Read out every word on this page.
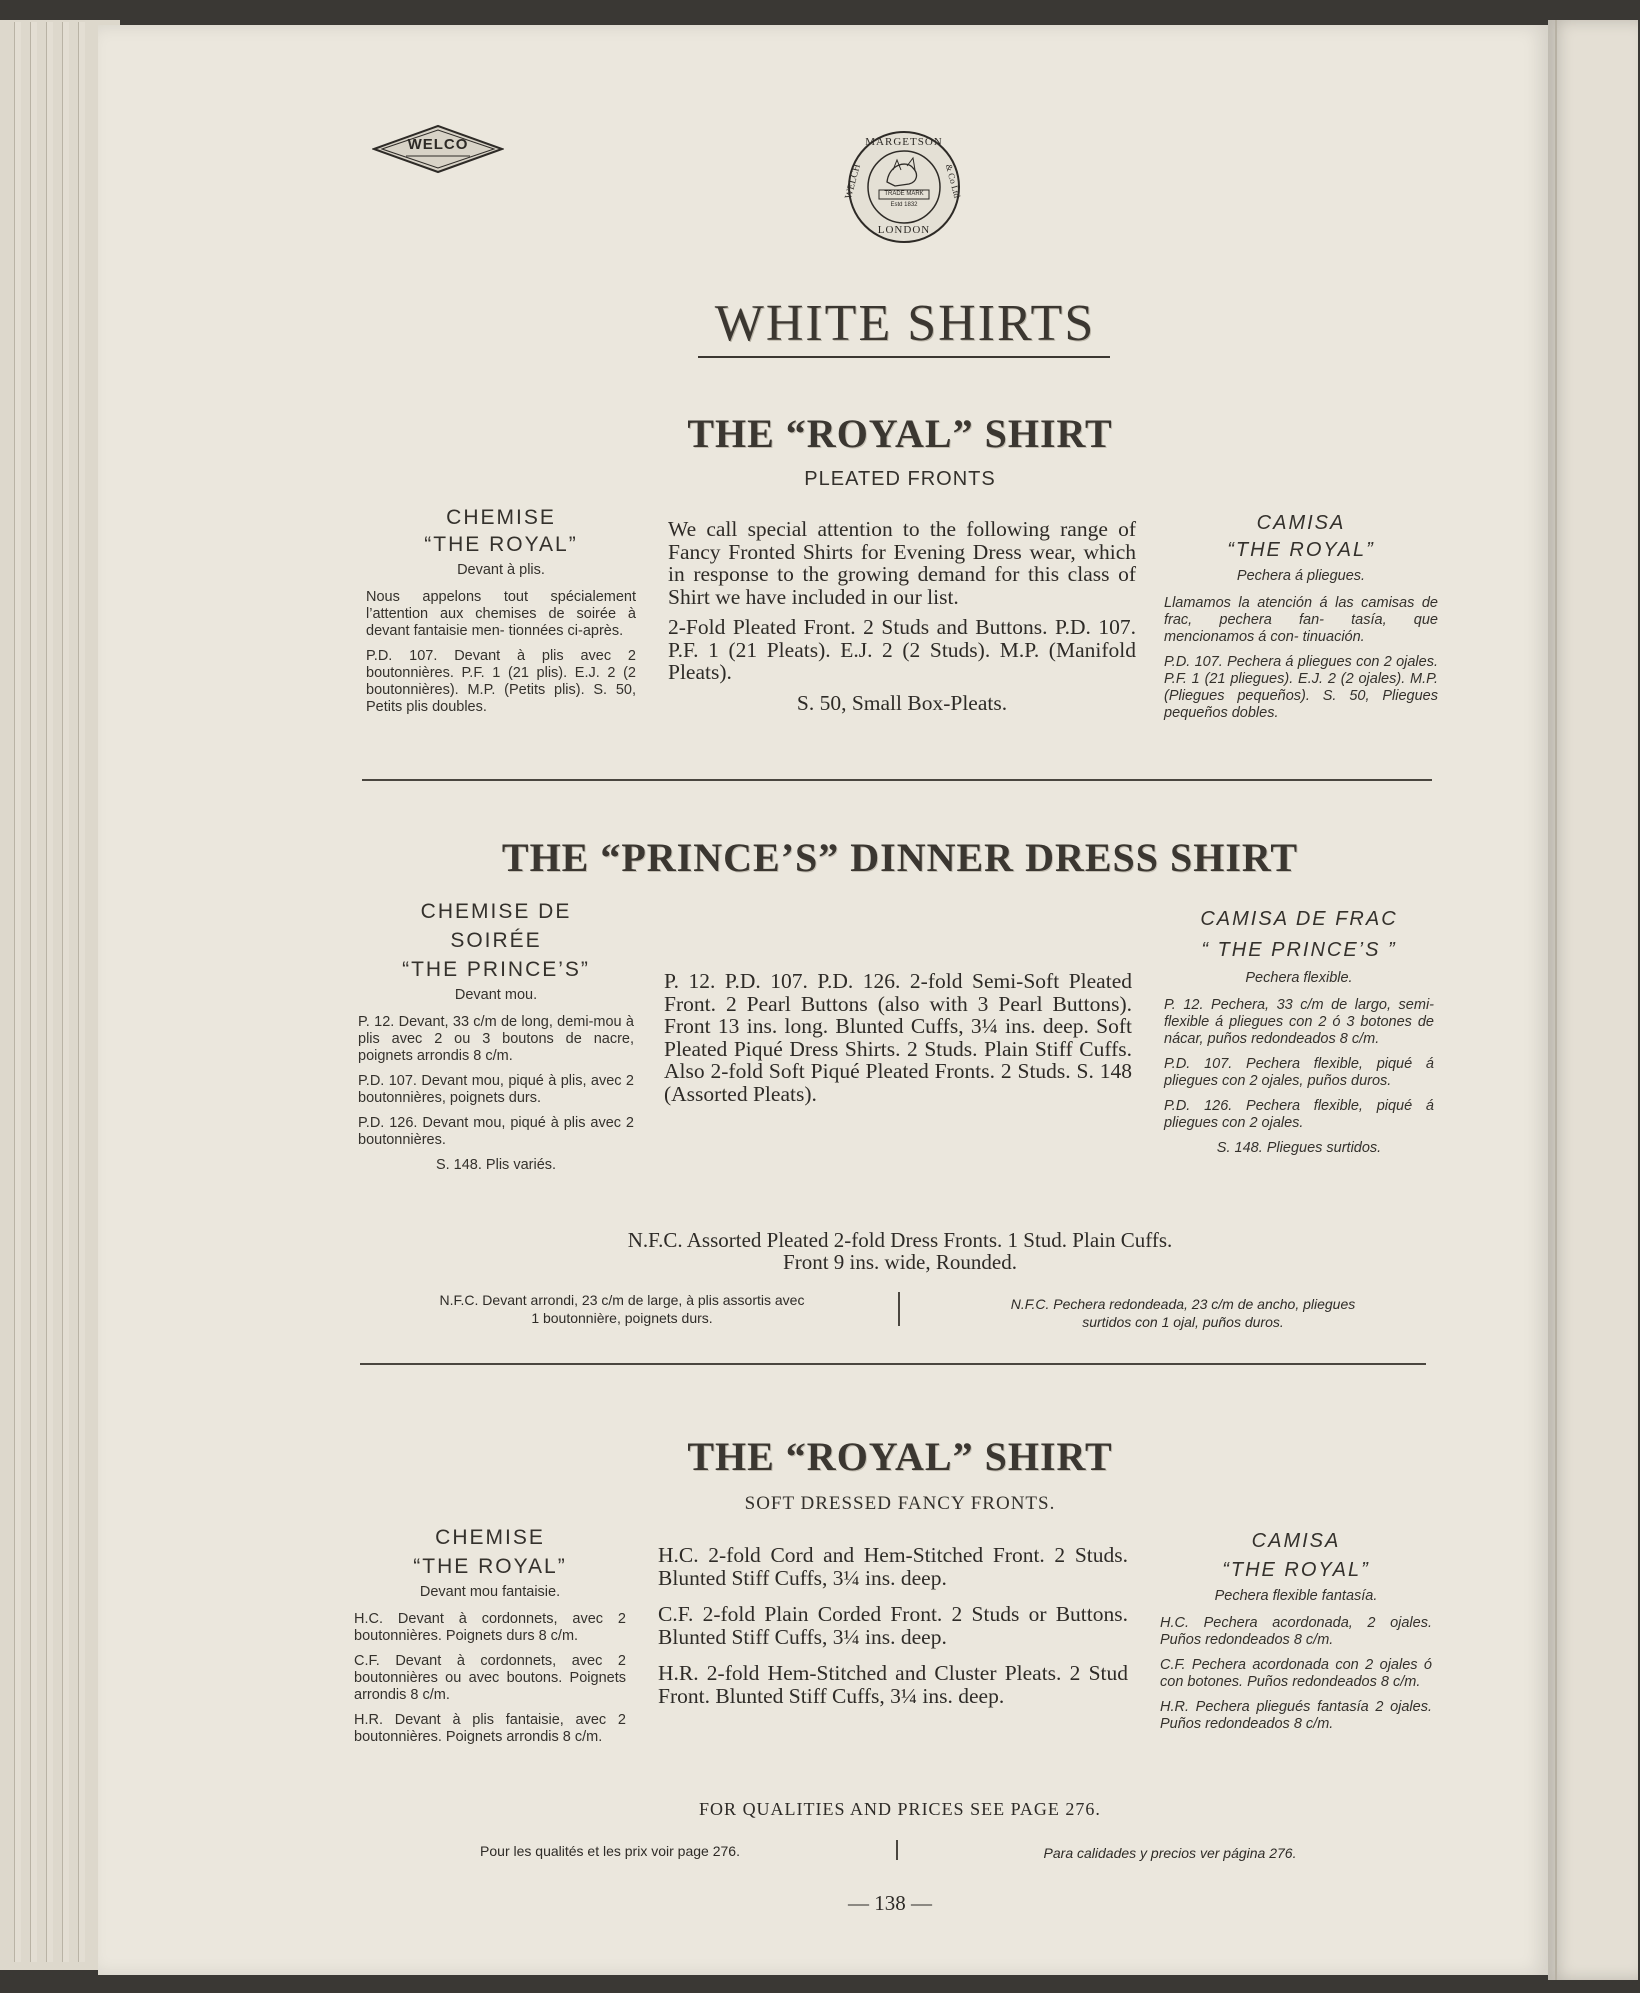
WELCO	MARGETSON
WELCH	& Co Ltd
LONDON
TRADE MARK
Estd 1832
WHITE SHIRTS
THE “ROYAL” SHIRT
PLEATED FRONTS
CHEMISE
“THE ROYAL”
Devant à plis.

Nous appelons tout spécialement l’attention aux chemises de soirée à devant fantaisie men- tionnées ci-après.

P.D. 107. Devant à plis avec 2 boutonnières. P.F. 1 (21 plis). E.J. 2 (2 boutonnières). M.P. (Petits plis). S. 50, Petits plis doubles.

We call special attention to the following range of Fancy Fronted Shirts for Evening Dress wear, which in response to the growing demand for this class of Shirt we have included in our list.

2-Fold Pleated Front. 2 Studs and Buttons. P.D. 107. P.F. 1 (21 Pleats). E.J. 2 (2 Studs). M.P. (Manifold Pleats).

S. 50, Small Box-Pleats.

CAMISA
“THE ROYAL”
Pechera á pliegues.

Llamamos la atención á las camisas de frac, pechera fan- tasía, que mencionamos á con- tinuación.

P.D. 107. Pechera á pliegues con 2 ojales. P.F. 1 (21 pliegues). E.J. 2 (2 ojales). M.P. (Pliegues pequeños). S. 50, Pliegues pequeños dobles.

THE “PRINCE’S” DINNER DRESS SHIRT
CHEMISE DE
SOIRÉE
“THE PRINCE’S”
Devant mou.

P. 12. Devant, 33 c/m de long, demi-mou à plis avec 2 ou 3 boutons de nacre, poignets arrondis 8 c/m.

P.D. 107. Devant mou, piqué à plis, avec 2 boutonnières, poignets durs.

P.D. 126. Devant mou, piqué à plis avec 2 boutonnières.

S. 148. Plis variés.

P. 12. P.D. 107. P.D. 126. 2-fold Semi-Soft Pleated Front. 2 Pearl Buttons (also with 3 Pearl Buttons). Front 13 ins. long. Blunted Cuffs, 3¼ ins. deep. Soft Pleated Piqué Dress Shirts. 2 Studs. Plain Stiff Cuffs. Also 2-fold Soft Piqué Pleated Fronts. 2 Studs. S. 148 (Assorted Pleats).

CAMISA DE FRAC
“ THE PRINCE’S ”
Pechera flexible.

P. 12. Pechera, 33 c/m de largo, semi-flexible á pliegues con 2 ó 3 botones de nácar, puños redondeados 8 c/m.

P.D. 107. Pechera flexible, piqué á pliegues con 2 ojales, puños duros.

P.D. 126. Pechera flexible, piqué á pliegues con 2 ojales.

S. 148. Pliegues surtidos.

N.F.C. Assorted Pleated 2-fold Dress Fronts. 1 Stud. Plain Cuffs.
Front 9 ins. wide, Rounded.
N.F.C. Devant arrondi, 23 c/m de large, à plis assortis avec
1 boutonnière, poignets durs.
N.F.C. Pechera redondeada, 23 c/m de ancho, pliegues
surtidos con 1 ojal, puños duros.
THE “ROYAL” SHIRT
SOFT DRESSED FANCY FRONTS.
CHEMISE
“THE ROYAL”
Devant mou fantaisie.

H.C. Devant à cordonnets, avec 2 boutonnières. Poignets durs 8 c/m.

C.F. Devant à cordonnets, avec 2 boutonnières ou avec boutons. Poignets arrondis 8 c/m.

H.R. Devant à plis fantaisie, avec 2 boutonnières. Poignets arrondis 8 c/m.

H.C. 2-fold Cord and Hem-Stitched Front. 2 Studs. Blunted Stiff Cuffs, 3¼ ins. deep.

C.F. 2-fold Plain Corded Front. 2 Studs or Buttons. Blunted Stiff Cuffs, 3¼ ins. deep.

H.R. 2-fold Hem-Stitched and Cluster Pleats. 2 Stud Front. Blunted Stiff Cuffs, 3¼ ins. deep.

CAMISA
“THE ROYAL”
Pechera flexible fantasía.

H.C. Pechera acordonada, 2 ojales. Puños redondeados 8 c/m.

C.F. Pechera acordonada con 2 ojales ó con botones. Puños redondeados 8 c/m.

H.R. Pechera pliegués fantasía 2 ojales. Puños redondeados 8 c/m.

FOR QUALITIES AND PRICES SEE PAGE 276.
Pour les qualités et les prix voir page 276.	Para calidades y precios ver página 276.
— 138 —
